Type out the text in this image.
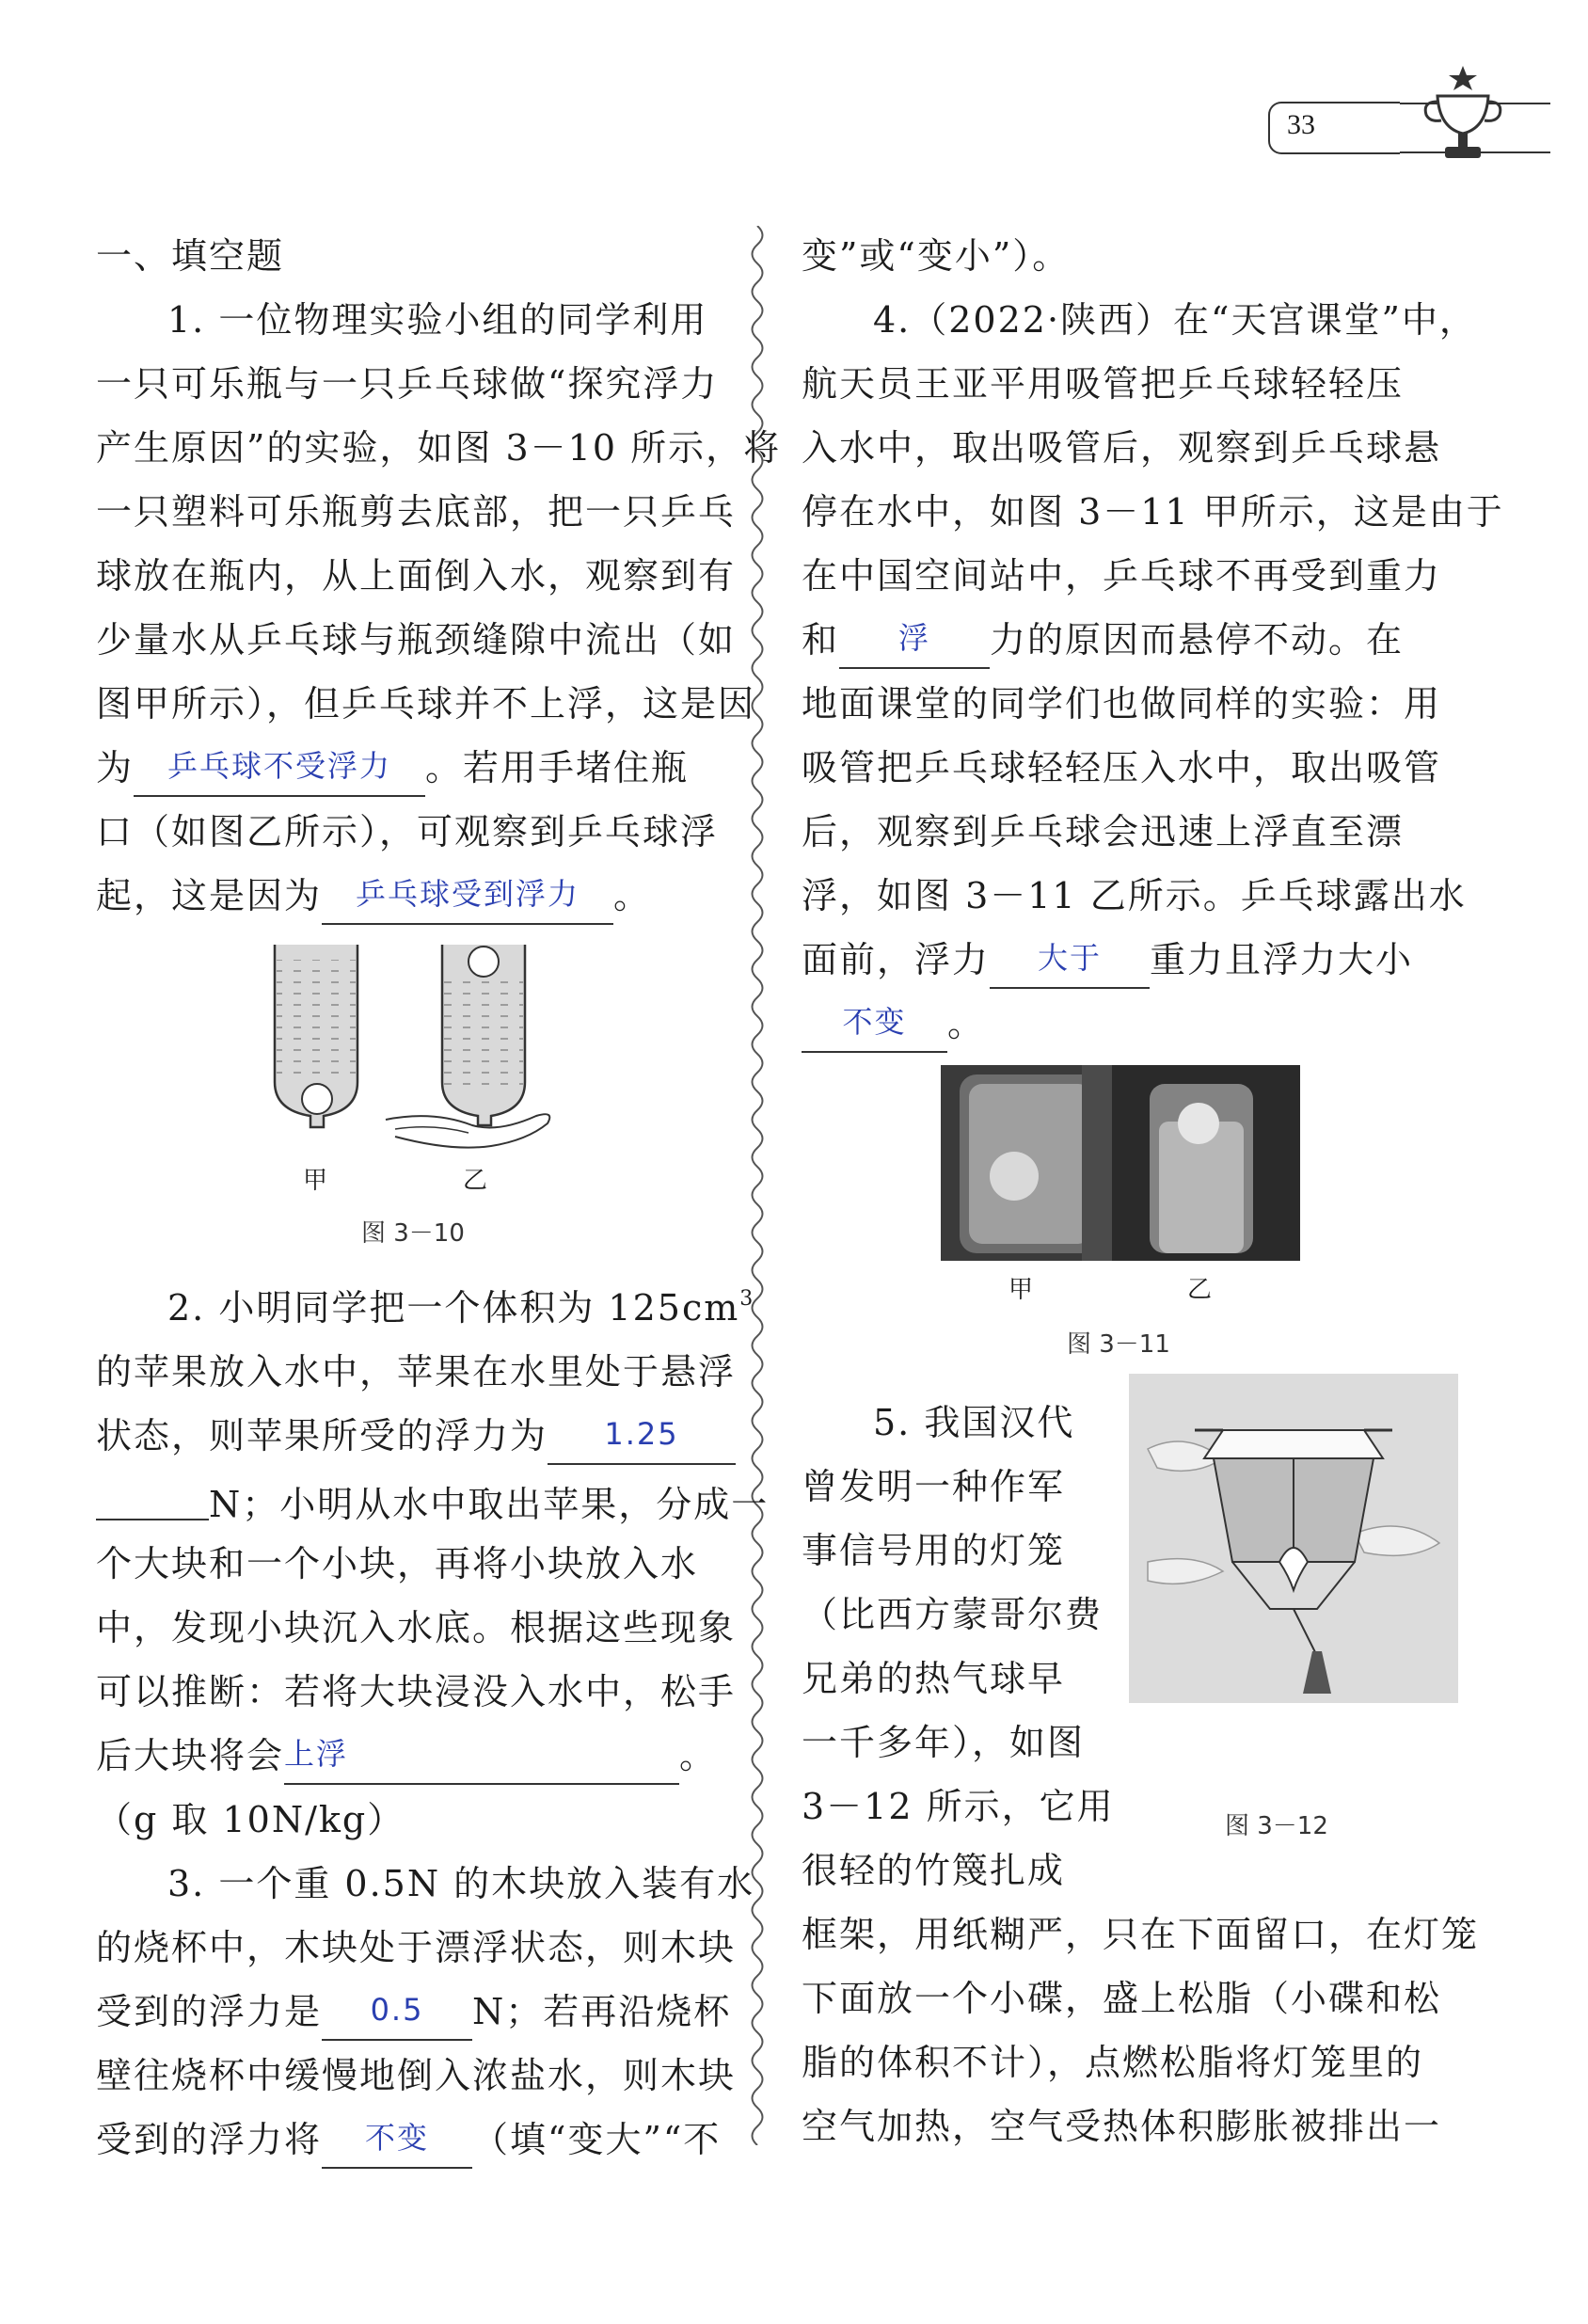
33
一、填空题
1. 一位物理实验小组的同学利用
一只可乐瓶与一只乒乓球做“探究浮力
产生原因”的实验，如图 3－10 所示，将
一只塑料可乐瓶剪去底部，把一只乒乓
球放在瓶内，从上面倒入水，观察到有
少量水从乒乓球与瓶颈缝隙中流出（如
图甲所示），但乒乓球并不上浮，这是因
为 $^{乒乓球不受浮力}$ 。若用手堵住瓶
口（如图乙所示），可观察到乒乓球浮
起，这是因为 $^{乒乓球受到浮力}$ 。
2. 小明同学把一个体积为 $125cm^3$
的苹果放入水中，苹果在水里处于悬浮
状态，则苹果所受的浮力为 $^{1.25}$
N；小明从水中取出苹果，分成一
个大块和一个小块，再将小块放入水
中，发现小块沉入水底。根据这些现象
可以推断：若将大块浸没入水中，松手
后大块将会$^{上浮}$	。
（g 取 10N/kg）
3. 一个重 0.5N 的木块放入装有水
的烧杯中，木块处于漂浮状态，则木块
受到的浮力是 $^{0.5}$ N；若再沿烧杯
壁往烧杯中缓慢地倒入浓盐水，则木块
受到的浮力将 $^{不变}$ （填“变大”“不
甲	乙
图 3－10
变”或“变小”）。
4.（2022·陕西）在“天宫课堂”中，
航天员王亚平用吸管把乒乓球轻轻压
入水中，取出吸管后，观察到乒乓球悬
停在水中，如图 3－11 甲所示，这是由于
在中国空间站中，乒乓球不再受到重力
和 $^浮$ 力的原因而悬停不动。在
地面课堂的同学们也做同样的实验：用
吸管把乒乓球轻轻压入水中，取出吸管
后，观察到乒乓球会迅速上浮直至漂
浮，如图 3－11 乙所示。乒乓球露出水
面前，浮力 $^{大于}$ 重力且浮力大小
$^{不变}$ 。
5. 我国汉代
曾发明一种作军
事信号用的灯笼
（比西方蒙哥尔费
兄弟的热气球早
一千多年），如图
3－12 所示，它用
很轻的竹篾扎成
框架，用纸糊严，只在下面留口，在灯笼
下面放一个小碟，盛上松脂（小碟和松
脂的体积不计），点燃松脂将灯笼里的
空气加热，空气受热体积膨胀被排出一
甲	乙
图 3－11
图 3－12
